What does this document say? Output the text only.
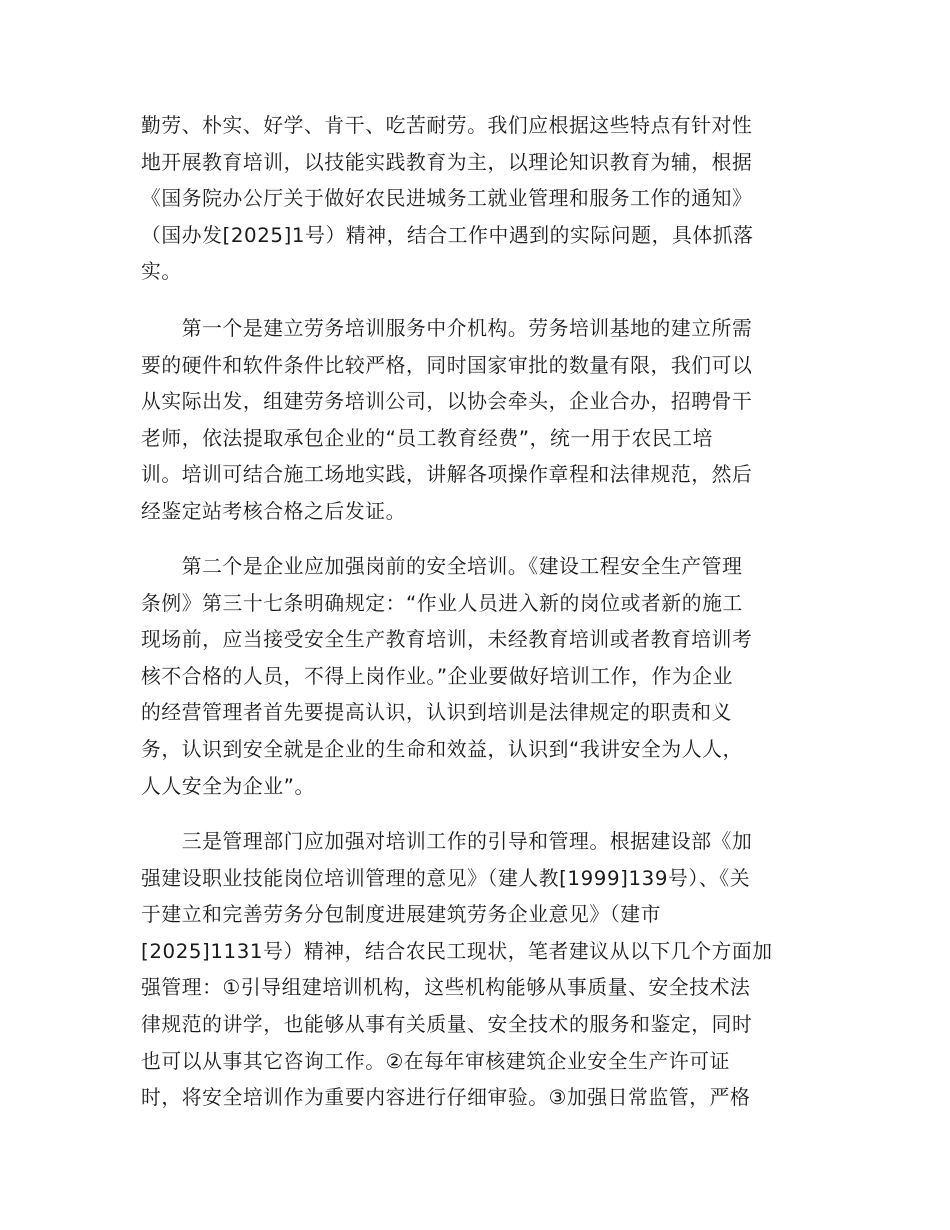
勤劳、朴实、好学、肯干、吃苦耐劳。我们应根据这些特点有针对性
地开展教育培训，以技能实践教育为主，以理论知识教育为辅，根据
《国务院办公厅关于做好农民进城务工就业管理和服务工作的通知》
（国办发[2025]1号）精神，结合工作中遇到的实际问题，具体抓落
实。
　　第一个是建立劳务培训服务中介机构。劳务培训基地的建立所需
要的硬件和软件条件比较严格，同时国家审批的数量有限，我们可以
从实际出发，组建劳务培训公司，以协会牵头，企业合办，招聘骨干
老师，依法提取承包企业的“员工教育经费”，统一用于农民工培
训。培训可结合施工场地实践，讲解各项操作章程和法律规范，然后
经鉴定站考核合格之后发证。
　　第二个是企业应加强岗前的安全培训。《建设工程安全生产管理
条例》第三十七条明确规定：“作业人员进入新的岗位或者新的施工
现场前，应当接受安全生产教育培训，未经教育培训或者教育培训考
核不合格的人员，不得上岗作业。”企业要做好培训工作，作为企业
的经营管理者首先要提高认识，认识到培训是法律规定的职责和义
务，认识到安全就是企业的生命和效益，认识到“我讲安全为人人，
人人安全为企业”。
　　三是管理部门应加强对培训工作的引导和管理。根据建设部《加
强建设职业技能岗位培训管理的意见》（建人教[1999]139号）、《关
于建立和完善劳务分包制度进展建筑劳务企业意见》（建市
[2025]1131号）精神，结合农民工现状，笔者建议从以下几个方面加
强管理：①引导组建培训机构，这些机构能够从事质量、安全技术法
律规范的讲学，也能够从事有关质量、安全技术的服务和鉴定，同时
也可以从事其它咨询工作。②在每年审核建筑企业安全生产许可证
时，将安全培训作为重要内容进行仔细审验。③加强日常监管，严格
